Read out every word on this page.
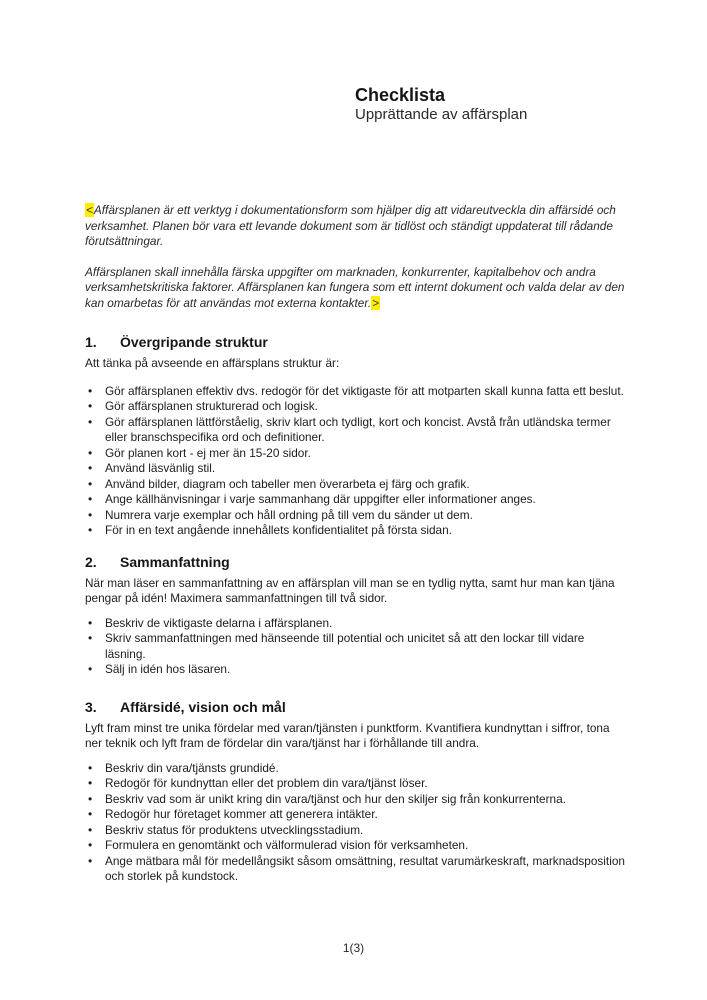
Checklista
Upprättande av affärsplan

<Affärsplanen är ett verktyg i dokumentationsform som hjälper dig att vidareutveckla din affärsidé och verksamhet. Planen bör vara ett levande dokument som är tidlöst och ständigt uppdaterat till rådande förutsättningar.

Affärsplanen skall innehålla färska uppgifter om marknaden, konkurrenter, kapitalbehov och andra verksamhetskritiska faktorer. Affärsplanen kan fungera som ett internt dokument och valda delar av den kan omarbetas för att användas mot externa kontakter.>

1. Övergripande struktur

Att tänka på avseende en affärsplans struktur är:

• Gör affärsplanen effektiv dvs. redogör för det viktigaste för att motparten skall kunna fatta ett beslut.
• Gör affärsplanen strukturerad och logisk.
• Gör affärsplanen lättförståelig, skriv klart och tydligt, kort och koncist. Avstå från utländska termer eller branschspecifika ord och definitioner.
• Gör planen kort - ej mer än 15-20 sidor.
• Använd läsvänlig stil.
• Använd bilder, diagram och tabeller men överarbeta ej färg och grafik.
• Ange källhänvisningar i varje sammanhang där uppgifter eller informationer anges.
• Numrera varje exemplar och håll ordning på till vem du sänder ut dem.
• För in en text angående innehållets konfidentialitet på första sidan.
2. Sammanfattning

När man läser en sammanfattning av en affärsplan vill man se en tydlig nytta, samt hur man kan tjäna pengar på idén! Maximera sammanfattningen till två sidor.

• Beskriv de viktigaste delarna i affärsplanen.
• Skriv sammanfattningen med hänseende till potential och unicitet så att den lockar till vidare läsning.
• Sälj in idén hos läsaren.
3. Affärsidé, vision och mål

Lyft fram minst tre unika fördelar med varan/tjänsten i punktform. Kvantifiera kundnyttan i siffror, tona ner teknik och lyft fram de fördelar din vara/tjänst har i förhållande till andra.

• Beskriv din vara/tjänsts grundidé.
• Redogör för kundnyttan eller det problem din vara/tjänst löser.
• Beskriv vad som är unikt kring din vara/tjänst och hur den skiljer sig från konkurrenterna.
• Redogör hur företaget kommer att generera intäkter.
• Beskriv status för produktens utvecklingsstadium.
• Formulera en genomtänkt och välformulerad vision för verksamheten.
• Ange mätbara mål för medellångsikt såsom omsättning, resultat varumärkeskraft, marknadsposition och storlek på kundstock.
1(3)
